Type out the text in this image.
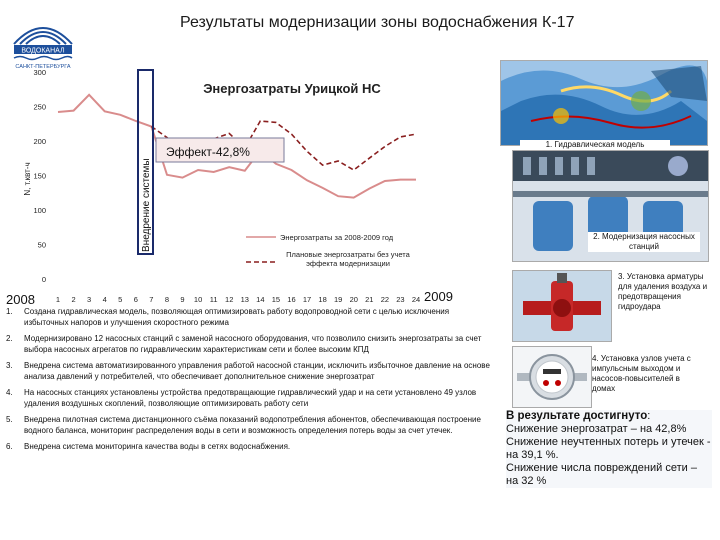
Результаты модернизации зоны водоснабжения К-17
ВОДОКАНАЛ
САНКТ-ПЕТЕРБУРГА
0
50
100
150
200
250
300
1 2 3 4 5 6 7 8 9 10 11 12 13 14 15 16 17 18 19 20 21 22 23 24
Энергозатраты Урицкой НС
N, т.квт-ч	Внедрение системы
Эффект-42,8%
Энергозатраты за 2008-2009 год
Плановые энергозатраты без учета эффекта модернизации
2008	2009
1.	Создана гидравлическая модель, позволяющая оптимизировать работу водопроводной сети с целью исключения избыточных напоров и улучшения скоростного режима
2.	Модернизировано 12 насосных станций с заменой насосного оборудования, что позволило снизить энергозатраты за счет выбора насосных агрегатов по гидравлическим характеристикам сети и более высоким КПД
3.	Внедрена система автоматизированного управления работой насосной станции, исключить избыточное давление на основе анализа давлений у потребителей, что обеспечивает дополнительное снижение энергозатрат
4.	На насосных станциях установлены устройства предотвращающие гидравлический удар и на сети установлено 49 узлов удаления воздушных скоплений, позволяющие оптимизировать работу сети
5.	Внедрена пилотная система дистанционного съёма показаний водопотребления абонентов, обеспечивающая построение водного баланса, мониторинг распределения воды в сети и возможность определения потерь воды за счет утечек.
6.	Внедрена система мониторинга качества воды в сетях водоснабжения.
1. Гидравлическая модель
2. Модернизация насосных станций
3. Установка арматуры для удаления воздуха и предотвращения гидроудара
4. Установка узлов учета с импульсным выходом и насосов-повысителей в домах
В результате достигнуто:
Снижение энергозатрат – на 42,8%
Снижение неучтенных потерь и утечек - на 39,1 %.
Снижение числа повреждений сети – на 32 %
